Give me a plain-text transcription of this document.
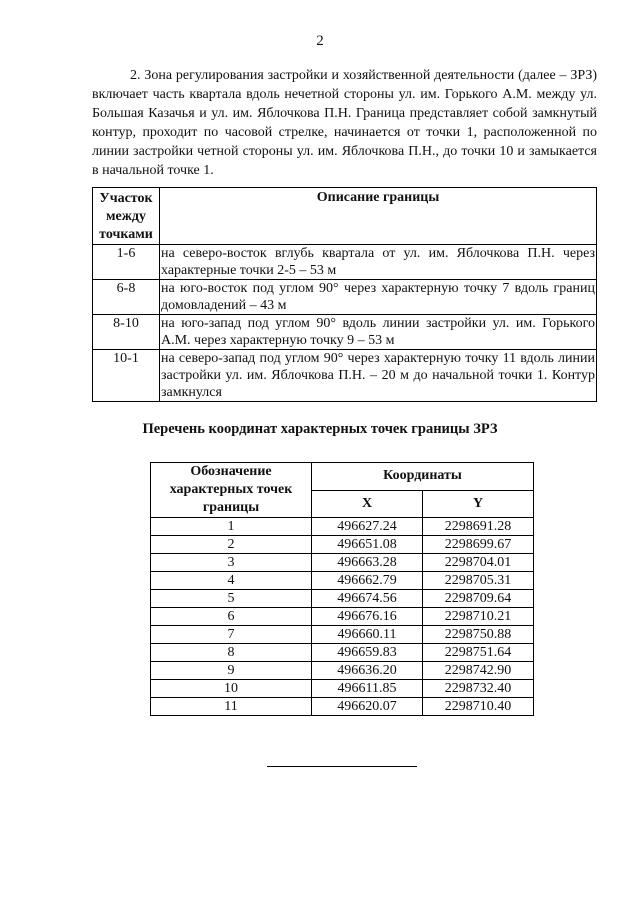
2

2. Зона регулирования застройки и хозяйственной деятельности (далее – ЗРЗ) включает часть квартала вдоль нечетной стороны ул. им. Горького А.М. между ул. Большая Казачья и ул. им. Яблочкова П.Н. Граница представляет собой замкнутый контур, проходит по часовой стрелке, начинается от точки 1, расположенной по линии застройки четной стороны ул. им. Яблочкова П.Н., до точки 10 и замыкается в начальной точке 1.

Участок между точками	Описание границы
1-6	на северо-восток вглубь квартала от ул. им. Яблочкова П.Н. через характерные точки 2-5 – 53 м
6-8	на юго-восток под углом 90° через характерную точку 7 вдоль границ домовладений – 43 м
8-10	на юго-запад под углом 90° вдоль линии застройки ул. им. Горького А.М. через характерную точку 9 – 53 м
10-1	на северо-запад под углом 90° через характерную точку 11 вдоль линии застройки ул. им. Яблочкова П.Н. – 20 м до начальной точки 1. Контур замкнулся
Перечень координат характерных точек границы ЗРЗ
Обозначение характерных точек границы	Координаты	
	X	Y
1	496627.24	2298691.28
2	496651.08	2298699.67
3	496663.28	2298704.01
4	496662.79	2298705.31
5	496674.56	2298709.64
6	496676.16	2298710.21
7	496660.11	2298750.88
8	496659.83	2298751.64
9	496636.20	2298742.90
10	496611.85	2298732.40
11	496620.07	2298710.40
